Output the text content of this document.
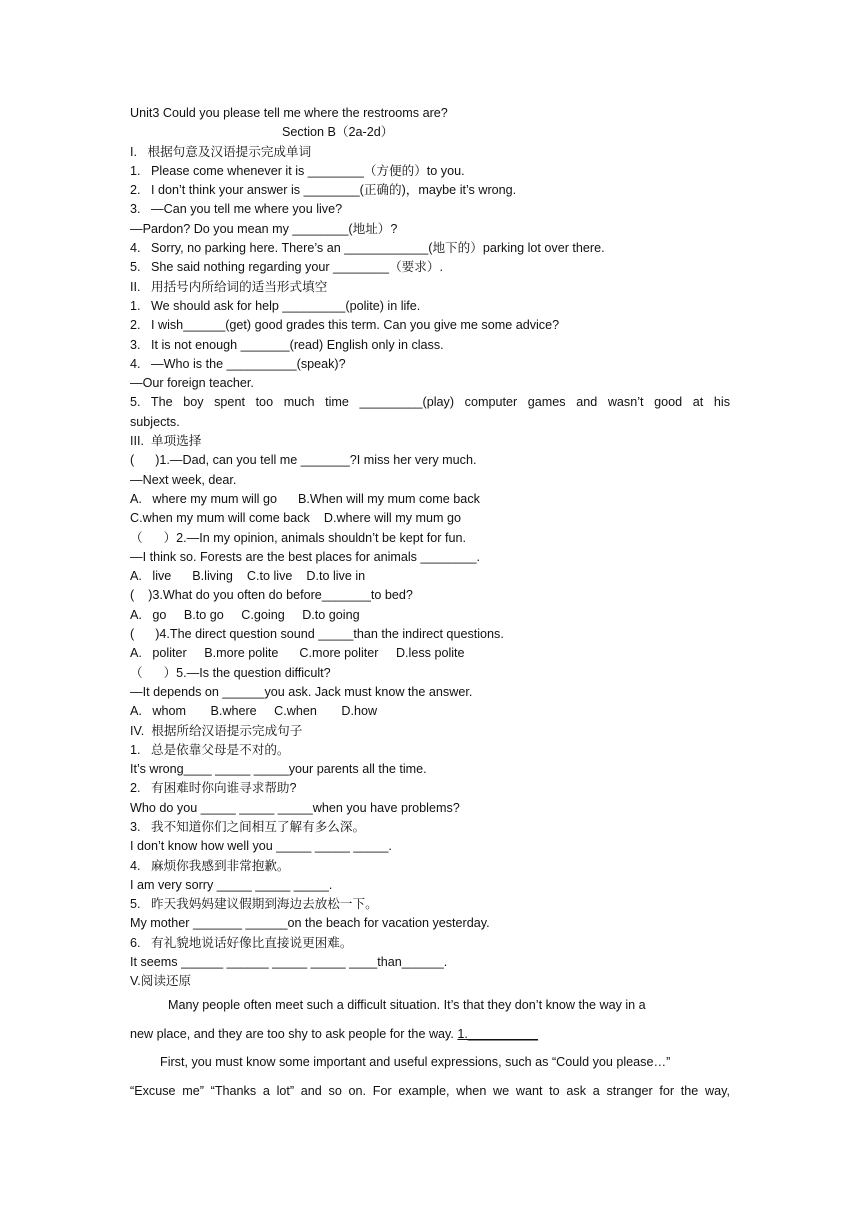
Unit3 Could you please tell me where the restrooms are?
Section B（2a-2d）
I.   根据句意及汉语提示完成单词
1.   Please come whenever it is ________（方便的）to you.
2.   I don’t think your answer is ________(正确的)，maybe it’s wrong.
3.   —Can you tell me where you live?
—Pardon? Do you mean my ________(地址）?
4.   Sorry, no parking here. There’s an ____________(地下的）parking lot over there.
5.   She said nothing regarding your ________（要求）.
II.   用括号内所给词的适当形式填空
1.   We should ask for help _________(polite) in life.
2.   I wish______(get) good grades this term. Can you give me some advice?
3.   It is not enough _______(read) English only in class.
4.   —Who is the __________(speak)?
—Our foreign teacher.
5. The boy spent too much time _________(play) computer games and wasn’t good at his
subjects.
III.  单项选择
(      )1.—Dad, can you tell me _______?I miss her very much.
—Next week, dear.
A.   where my mum will go      B.When will my mum come back
C.when my mum will come back    D.where will my mum go
（      ）2.—In my opinion, animals shouldn’t be kept for fun.
—I think so. Forests are the best places for animals ________.
A.   live      B.living    C.to live    D.to live in
(    )3.What do you often do before_______to bed?
A.   go     B.to go     C.going     D.to going
(      )4.The direct question sound _____than the indirect questions.
A.   politer     B.more polite      C.more politer     D.less polite
（      ）5.—Is the question difficult?
—It depends on ______you ask. Jack must know the answer.
A.   whom       B.where     C.when       D.how
IV.  根据所给汉语提示完成句子
1.   总是依靠父母是不对的。
It’s wrong____ _____ _____your parents all the time.
2.   有困难时你向谁寻求帮助?
Who do you _____ _____ _____when you have problems?
3.   我不知道你们之间相互了解有多么深。
I don’t know how well you _____ _____ _____.
4.   麻烦你我感到非常抱歉。
I am very sorry _____ _____ _____.
5.   昨天我妈妈建议假期到海边去放松一下。
My mother _______ ______on the beach for vacation yesterday.
6.   有礼貌地说话好像比直接说更困难。
It seems ______ ______ _____ _____ ____than______.
V.阅读还原
Many people often meet such a difficult situation. It’s that they don’t know the way in a
new place, and they are too shy to ask people for the way. 1.__________
First, you must know some important and useful expressions, such as “Could you please…”
“Excuse me” “Thanks a lot” and so on. For example, when we want to ask a stranger for the way,
